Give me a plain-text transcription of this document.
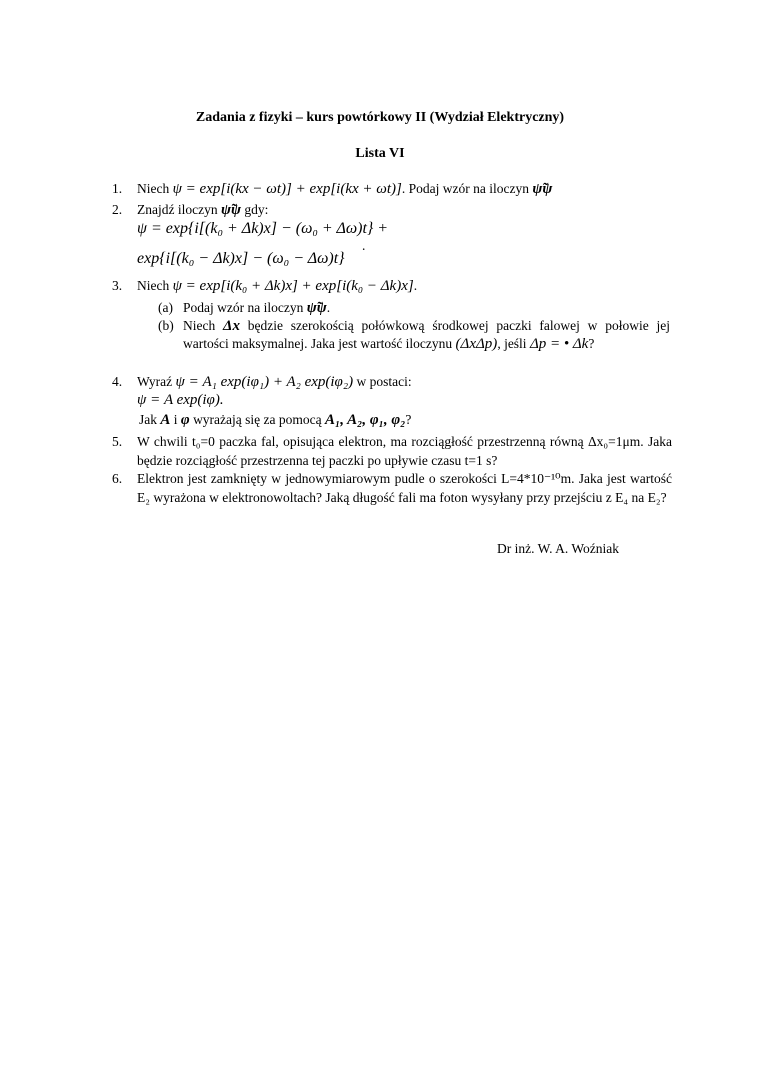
Zadania z fizyki – kurs powtórkowy II (Wydział Elektryczny)
Lista VI
1.	Niech ψ = exp[i(kx − ωt)] + exp[i(kx + ωt)]. Podaj wzór na iloczyn ψ̃ψ
2.	Znajdź iloczyn ψ̃ψ gdy:
ψ = exp{i[(k₀ + Δk)x] − (ω₀ + Δω)t} +
.
exp{i[(k₀ − Δk)x] − (ω₀ − Δω)t}
3.	Niech ψ = exp[i(k₀ + Δk)x] + exp[i(k₀ − Δk)x].
(a) Podaj wzór na iloczyn ψ̃ψ.
(b) Niech Δx będzie szerokością połówkową środkowej paczki falowej w połowie jej wartości maksymalnej. Jaka jest wartość iloczynu (ΔxΔp), jeśli Δp = • Δk?
4.	Wyraź ψ = A₁ exp(iφ₁) + A₂ exp(iφ₂) w postaci:
ψ = A exp(iφ).
Jak A i φ wyrażają się za pomocą A₁, A₂, φ₁, φ₂?
5.	W chwili t₀=0 paczka fal, opisująca elektron, ma rozciągłość przestrzenną równą Δx₀=1μm. Jaka będzie rozciągłość przestrzenna tej paczki po upływie czasu t=1 s?
6.	Elektron jest zamknięty w jednowymiarowym pudle o szerokości L=4*10⁻¹⁰m. Jaka jest wartość E₂ wyrażona w elektronowoltach? Jaką długość fali ma foton wysyłany przy przejściu z E₄ na E₂?
Dr inż. W. A. Woźniak
